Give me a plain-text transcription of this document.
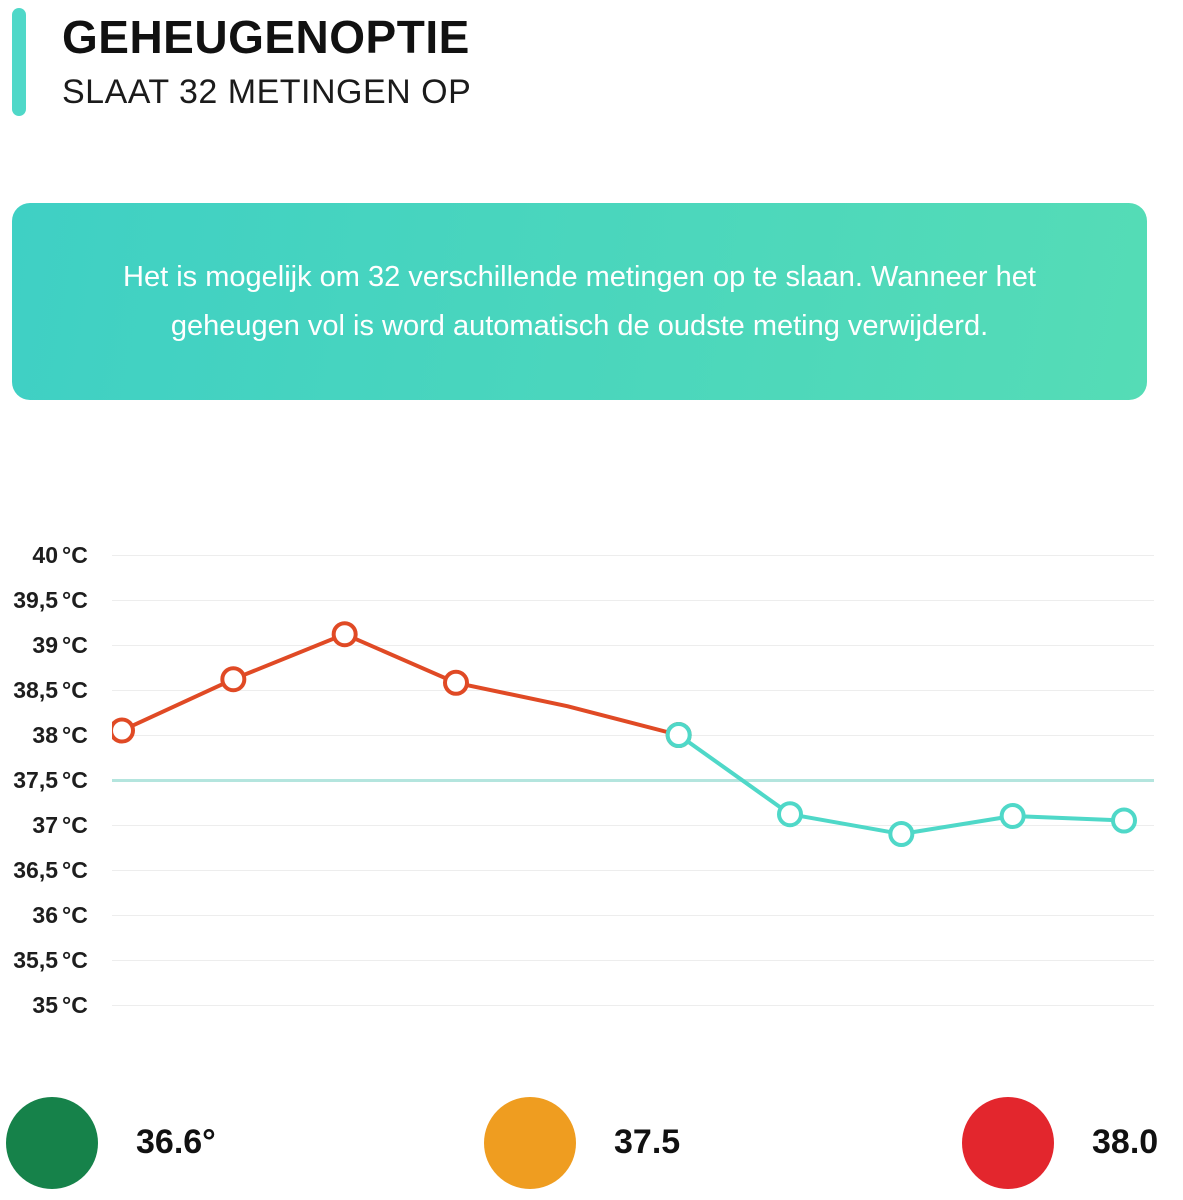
GEHEUGENOPTIE
SLAAT 32 METINGEN OP
Het is mogelijk om 32 verschillende metingen op te slaan. Wanneer het geheugen vol is word automatisch de oudste meting verwijderd.
40 °C
39,5 °C
39 °C
38,5 °C
38 °C
37,5 °C
37 °C
36,5 °C
36 °C
35,5 °C
35 °C
36.6°	37.5	38.0
